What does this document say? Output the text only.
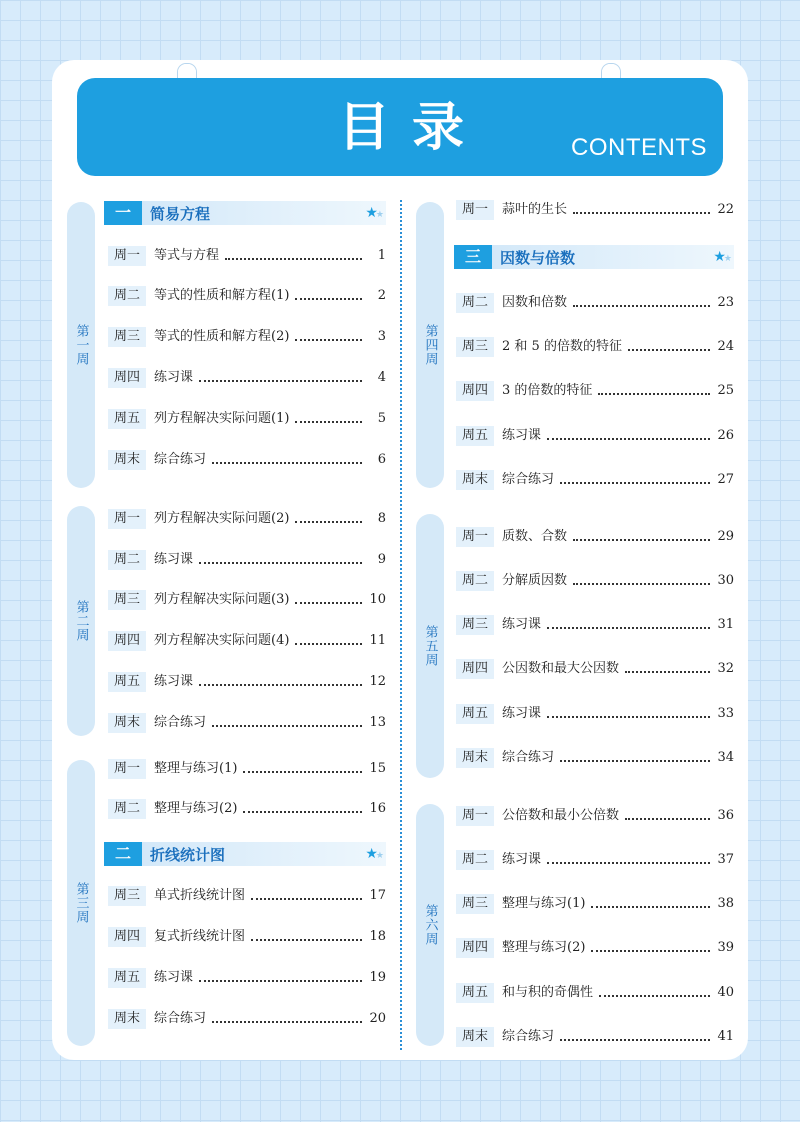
目录	CONTENTS
第一周
第二周
第三周
第四周
第五周
第六周
一	简易方程	★★
二	折线统计图	★★
三	因数与倍数	★★
周一	等式与方程	1
周二	等式的性质和解方程(1)	2
周三	等式的性质和解方程(2)	3
周四	练习课	4
周五	列方程解决实际问题(1)	5
周末	综合练习	6
周一	列方程解决实际问题(2)	8
周二	练习课	9
周三	列方程解决实际问题(3)	10
周四	列方程解决实际问题(4)	11
周五	练习课	12
周末	综合练习	13
周一	整理与练习(1)	15
周二	整理与练习(2)	16
周三	单式折线统计图	17
周四	复式折线统计图	18
周五	练习课	19
周末	综合练习	20
周一	蒜叶的生长	22
周二	因数和倍数	23
周三	2 和 5 的倍数的特征	24
周四	3 的倍数的特征	25
周五	练习课	26
周末	综合练习	27
周一	质数、合数	29
周二	分解质因数	30
周三	练习课	31
周四	公因数和最大公因数	32
周五	练习课	33
周末	综合练习	34
周一	公倍数和最小公倍数	36
周二	练习课	37
周三	整理与练习(1)	38
周四	整理与练习(2)	39
周五	和与积的奇偶性	40
周末	综合练习	41
